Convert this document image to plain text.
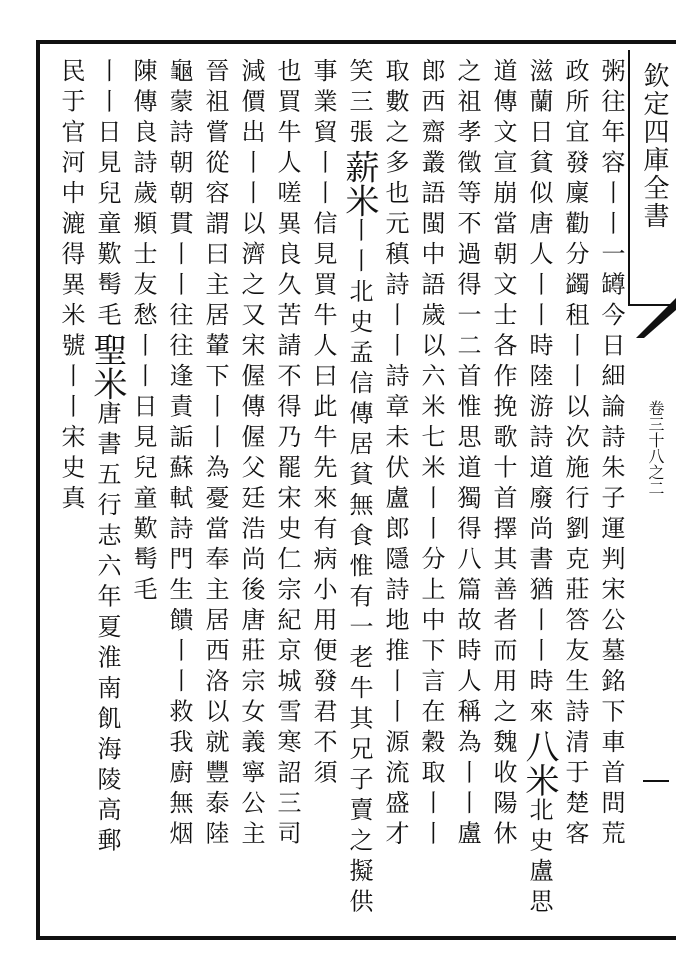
欽定四庫全書
卷三十八之二
粥往年容丨丨一罇今日細論詩朱子運判宋公墓銘下車首問荒
政所宜發廩勸分蠲租丨丨以次施行劉克莊答友生詩清于楚客
滋蘭日貧似唐人丨丨時陸游詩道廢尚書猶丨丨時來八米北史盧思
道傳文宣崩當朝文士各作挽歌十首擇其善者而用之魏收陽休
之祖孝徵等不過得一二首惟思道獨得八篇故時人稱為丨丨盧
郎西齋叢語閩中語歲以六米七米丨丨分上中下言在穀取丨丨
取數之多也元稹詩丨丨詩章未伏盧郎隱詩地推丨丨源流盛才
笑三張薪米丨丨北史孟信傳居貧無食惟有一老牛其兄子賣之擬供
事業貿丨丨信見買牛人曰此牛先來有病小用便發君不須
也買牛人嗟異良久苦請不得乃罷宋史仁宗紀京城雪寒詔三司
減價出丨丨以濟之又宋偓傳偓父廷浩尚後唐莊宗女義寧公主
晉祖嘗從容謂曰主居輦下丨丨為憂當奉主居西洛以就豐泰陸
龜蒙詩朝朝貫丨丨往往逢責詬蘇軾詩門生饋丨丨救我廚無烟
陳傳良詩歲頫士友愁丨丨日見兒童歎髩毛
丨丨日見兒童歎髩毛聖米唐書五行志六年夏淮南飢海陵高郵
民于官河中漉得異米號丨丨宋史真
